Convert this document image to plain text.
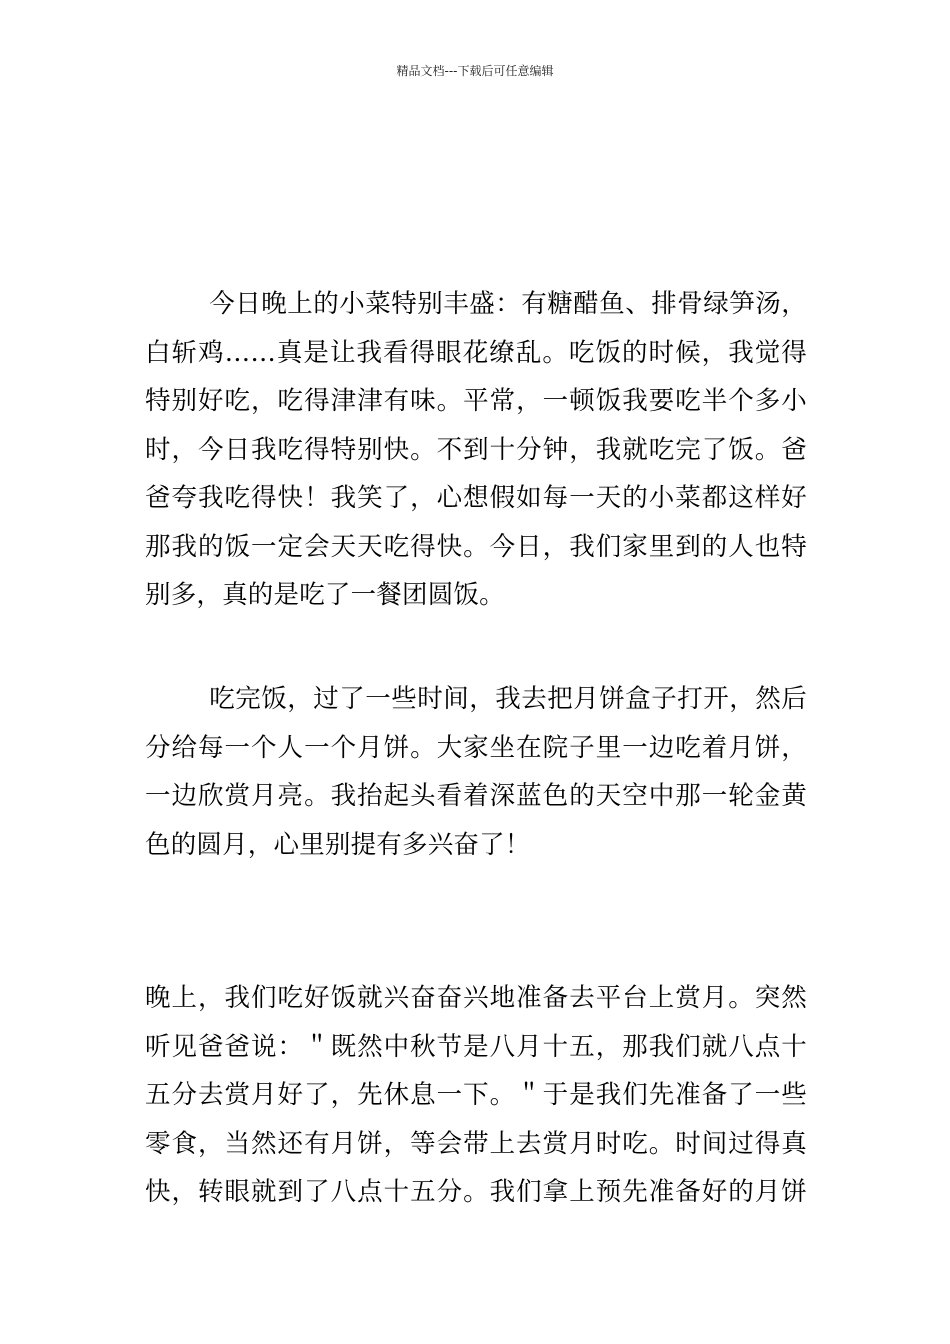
精品文档---下载后可任意编辑
今日晚上的小菜特别丰盛：有糖醋鱼、排骨绿笋汤，
白斩鸡……真是让我看得眼花缭乱。吃饭的时候，我觉得
特别好吃，吃得津津有味。平常，一顿饭我要吃半个多小
时，今日我吃得特别快。不到十分钟，我就吃完了饭。爸
爸夸我吃得快！我笑了，心想假如每一天的小菜都这样好
那我的饭一定会天天吃得快。今日，我们家里到的人也特
别多，真的是吃了一餐团圆饭。
吃完饭，过了一些时间，我去把月饼盒子打开，然后
分给每一个人一个月饼。大家坐在院子里一边吃着月饼，
一边欣赏月亮。我抬起头看着深蓝色的天空中那一轮金黄
色的圆月，心里别提有多兴奋了！
晚上，我们吃好饭就兴奋奋兴地准备去平台上赏月。突然
听见爸爸说：＂既然中秋节是八月十五，那我们就八点十
五分去赏月好了，先休息一下。＂于是我们先准备了一些
零食，当然还有月饼，等会带上去赏月时吃。时间过得真
快，转眼就到了八点十五分。我们拿上预先准备好的月饼
